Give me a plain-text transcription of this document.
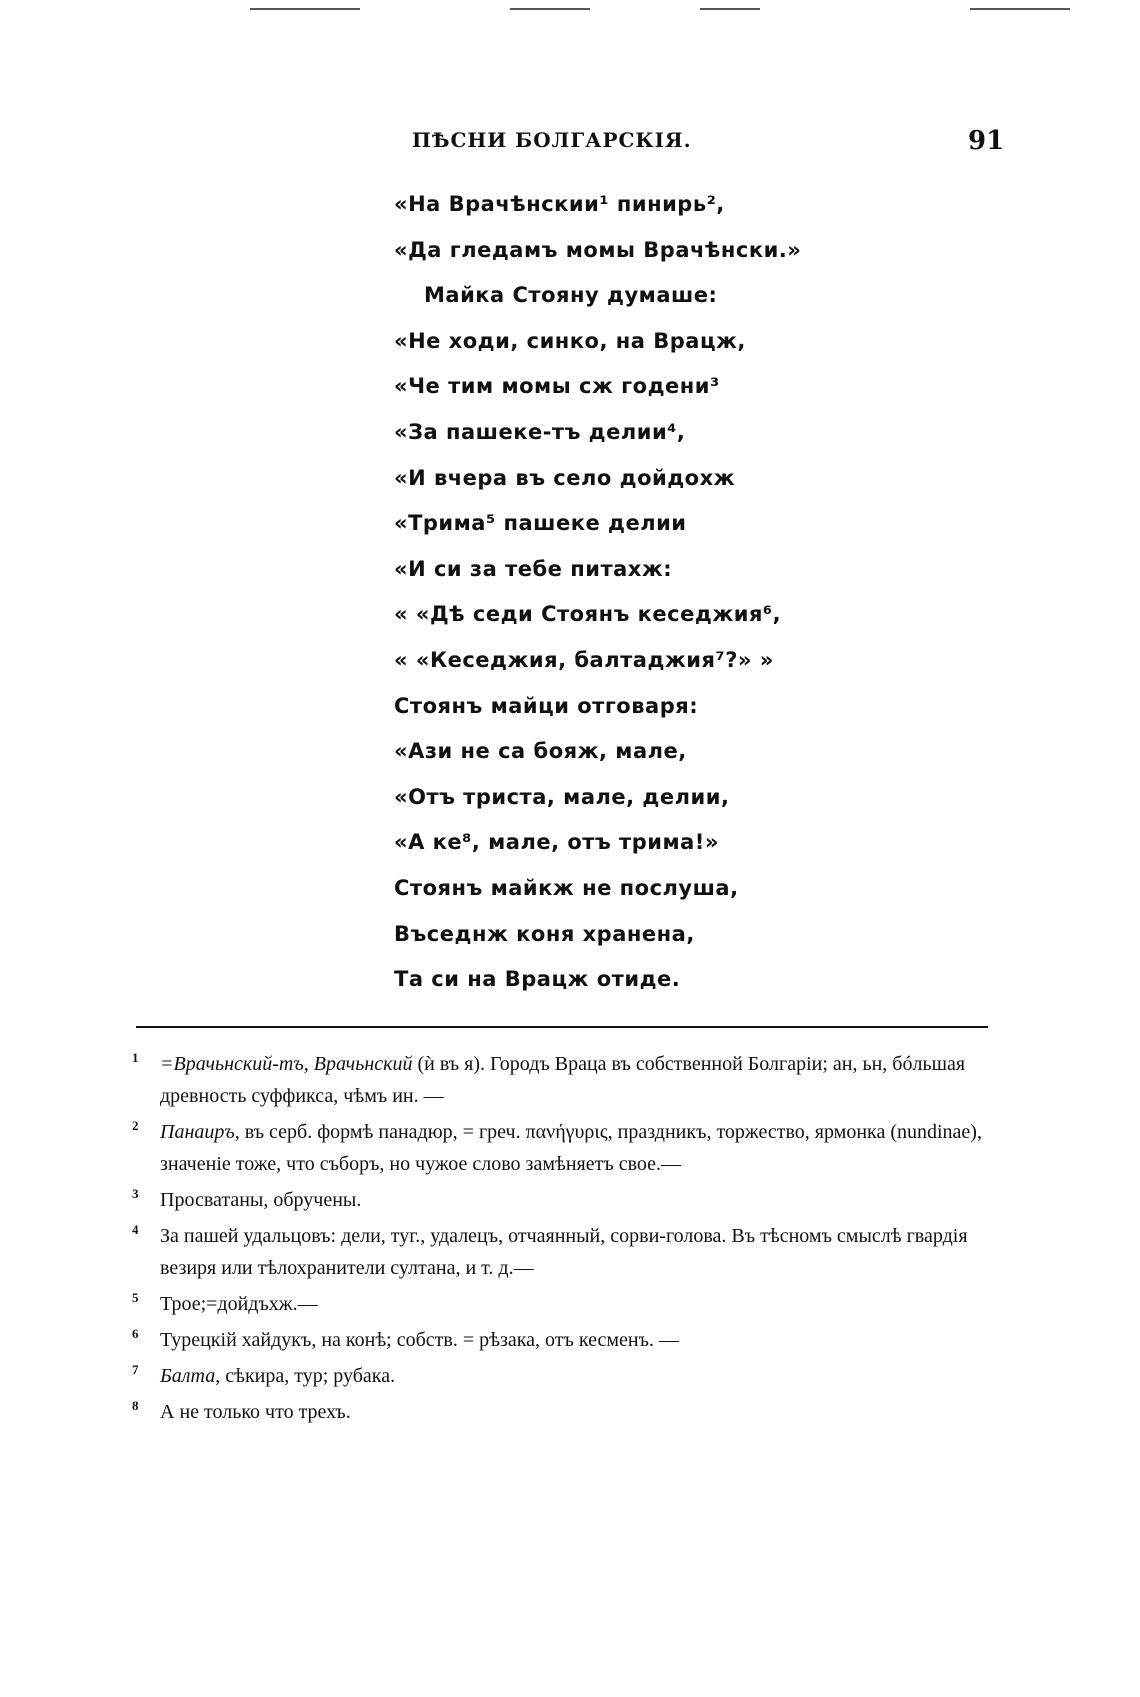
ПѢСНИ БОЛГАРСКIЯ.	91
«На Врачѣнскии¹ пинирь²,
«Да гледамъ момы Врачѣнски.»
Майка Стояну думаше:
«Не ходи, синко, на Врацж,
«Че тим момы сж годени³
«За пашеке-тъ делии⁴,
«И вчера въ село дойдохж
«Трима⁵ пашеке делии
«И си за тебе питахж:
« «Дѣ седи Стоянъ кеседжия⁶,
« «Кеседжия, балтаджия⁷?» »
Стоянъ майци отговаря:
«Ази не са бояж, мале,
«Отъ триста, мале, делии,
«А ке⁸, мале, отъ трима!»
Стоянъ майкж не послуша,
Въседнж коня хранена,
Та си на Врацж отиде.
1 =Врачьнский-тъ, Врачьнский (ѝ въ я). Городъ Враца въ собственной Болгарiи; ан, ьн, бóльшая древность суффикса, чѣмъ ин. —
2 Панаиръ, въ серб. формѣ панадюр, = греч. πανήγυρις, праздникъ, торжество, ярмонка (nundinae), значенiе тоже, что съборъ, но чужое слово замѣняетъ свое.—
3 Просватаны, обручены.
4 За пашей удальцовъ: дели, туг., удалецъ, отчаянный, сорви-голова. Въ тѣсномъ смыслѣ гвардiя везиря или тѣлохранители султана, и т. д.—
5 Трое;=дойдъхж.—
6 Турецкiй хайдукъ, на конѣ; собств. = рѣзака, отъ кесменъ. —
7 Балта, сѣкира, тур; рубака.
8 А не только что трехъ.
